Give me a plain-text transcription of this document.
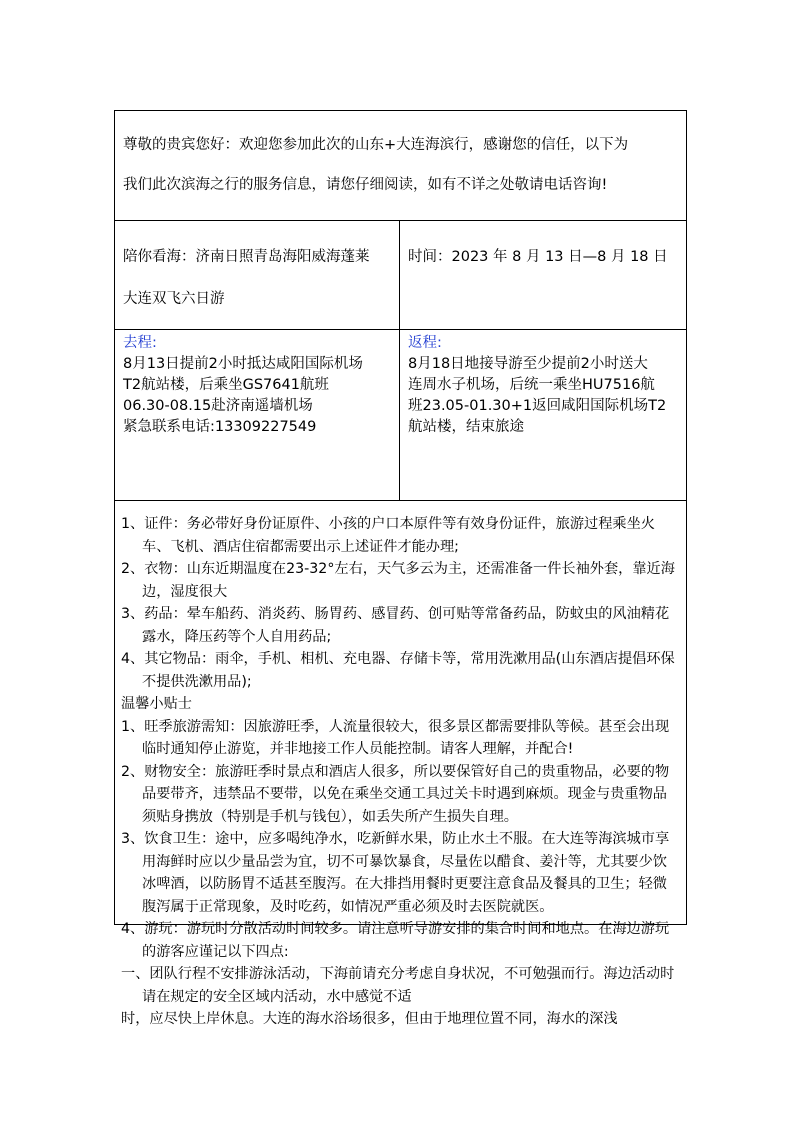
尊敬的贵宾您好：欢迎您参加此次的山东+大连海滨行，感谢您的信任，以下为
我们此次滨海之行的服务信息，请您仔细阅读，如有不详之处敬请电话咨询!
陪你看海：济南日照青岛海阳威海蓬莱
大连双飞六日游
时间：2023 年 8 月 13 日—8 月 18 日
去程:
8月13日提前2小时抵达咸阳国际机场
T2航站楼，后乘坐GS7641航班
06.30-08.15赴济南遥墙机场
紧急联系电话:13309227549
返程:
8月18日地接导游至少提前2小时送大
连周水子机场，后统一乘坐HU7516航
班23.05-01.30+1返回咸阳国际机场T2
航站楼，结束旅途
1、证件：务必带好身份证原件、小孩的户口本原件等有效身份证件，旅游过程乘坐火车、飞机、酒店住宿都需要出示上述证件才能办理;
2、衣物：山东近期温度在23-32°左右，天气多云为主，还需准备一件长袖外套，靠近海边，湿度很大
3、药品：晕车船药、消炎药、肠胃药、感冒药、创可贴等常备药品，防蚊虫的风油精花露水，降压药等个人自用药品;
4、其它物品：雨伞，手机、相机、充电器、存储卡等，常用洗漱用品(山东酒店提倡环保不提供洗漱用品);
温馨小贴士
1、旺季旅游需知：因旅游旺季，人流量很较大，很多景区都需要排队等候。甚至会出现临时通知停止游览，并非地接工作人员能控制。请客人理解，并配合!
2、财物安全：旅游旺季时景点和酒店人很多，所以要保管好自己的贵重物品，必要的物品要带齐，违禁品不要带，以免在乘坐交通工具过关卡时遇到麻烦。现金与贵重物品须贴身携放（特别是手机与钱包），如丢失所产生损失自理。
3、饮食卫生：途中，应多喝纯净水，吃新鲜水果，防止水土不服。在大连等海滨城市享用海鲜时应以少量品尝为宜，切不可暴饮暴食，尽量佐以醋食、姜汁等，尤其要少饮冰啤酒，以防肠胃不适甚至腹泻。在大排挡用餐时更要注意食品及餐具的卫生；轻微腹泻属于正常现象，及时吃药，如情况严重必须及时去医院就医。
4、游玩：游玩时分散活动时间较多。请注意听导游安排的集合时间和地点。在海边游玩的游客应谨记以下四点:
一、团队行程不安排游泳活动，下海前请充分考虑自身状况，不可勉强而行。海边活动时请在规定的安全区域内活动，水中感觉不适
时，应尽快上岸休息。大连的海水浴场很多，但由于地理位置不同，海水的深浅
